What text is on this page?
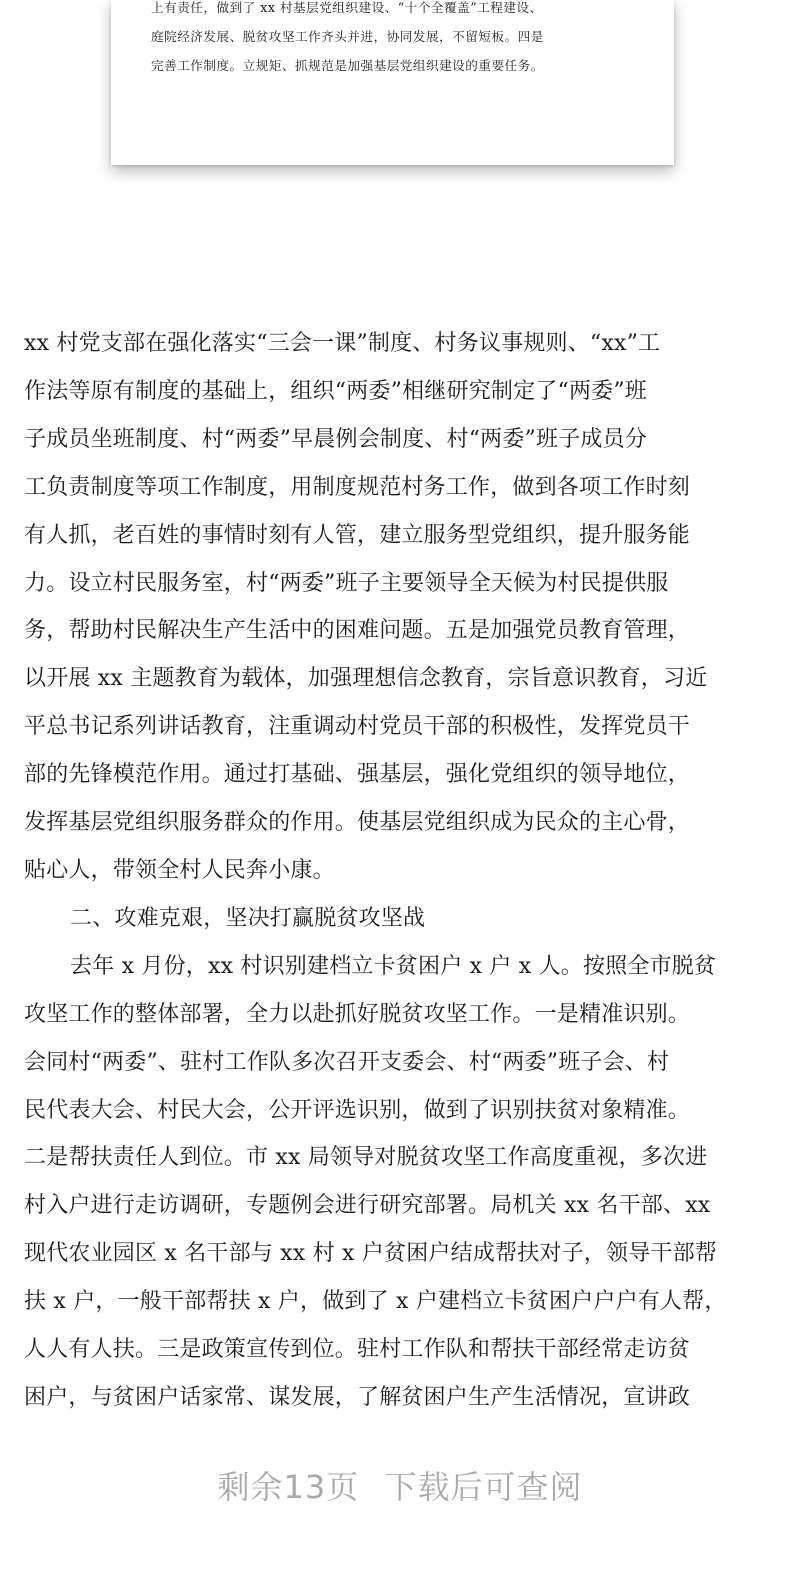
上有责任，做到了 xx 村基层党组织建设、“十个全覆盖”工程建设、

庭院经济发展、脱贫攻坚工作齐头并进，协同发展，不留短板。四是

完善工作制度。立规矩、抓规范是加强基层党组织建设的重要任务。

xx 村党支部在强化落实“三会一课”制度、村务议事规则、“xx”工

作法等原有制度的基础上，组织“两委”相继研究制定了“两委”班

子成员坐班制度、村“两委”早晨例会制度、村“两委”班子成员分

工负责制度等项工作制度，用制度规范村务工作，做到各项工作时刻

有人抓，老百姓的事情时刻有人管，建立服务型党组织，提升服务能

力。设立村民服务室，村“两委”班子主要领导全天候为村民提供服

务，帮助村民解决生产生活中的困难问题。五是加强党员教育管理，

以开展 xx 主题教育为载体，加强理想信念教育，宗旨意识教育，习近

平总书记系列讲话教育，注重调动村党员干部的积极性，发挥党员干

部的先锋模范作用。通过打基础、强基层，强化党组织的领导地位，

发挥基层党组织服务群众的作用。使基层党组织成为民众的主心骨，

贴心人，带领全村人民奔小康。

二、攻难克艰，坚决打赢脱贫攻坚战

去年 x 月份，xx 村识别建档立卡贫困户 x 户 x 人。按照全市脱贫

攻坚工作的整体部署，全力以赴抓好脱贫攻坚工作。一是精准识别。

会同村“两委”、驻村工作队多次召开支委会、村“两委”班子会、村

民代表大会、村民大会，公开评选识别，做到了识别扶贫对象精准。

二是帮扶责任人到位。市 xx 局领导对脱贫攻坚工作高度重视，多次进

村入户进行走访调研，专题例会进行研究部署。局机关 xx 名干部、xx

现代农业园区 x 名干部与 xx 村 x 户贫困户结成帮扶对子，领导干部帮

扶 x 户，一般干部帮扶 x 户，做到了 x 户建档立卡贫困户户户有人帮，

人人有人扶。三是政策宣传到位。驻村工作队和帮扶干部经常走访贫

困户，与贫困户话家常、谋发展，了解贫困户生产生活情况，宣讲政

剩余13页 下载后可查阅
